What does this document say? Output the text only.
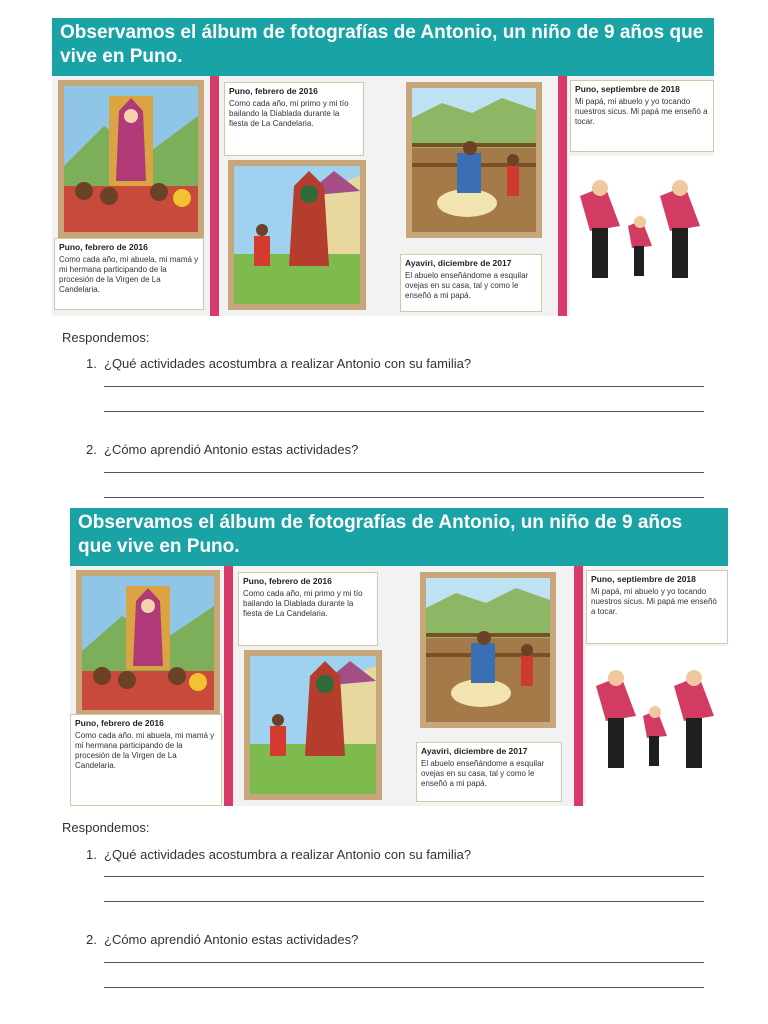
Observamos el álbum de fotografías de Antonio, un niño de 9 años que vive en Puno.
Puno, febrero de 2016
Como cada año, mi abuela, mi mamá y mi hermana participando de la procesión de la Virgen de La Candelaria.
Puno, febrero de 2016
Como cada año, mi primo y mi tío bailando la Diablada durante la fiesta de La Candelaria.
Ayaviri, diciembre de 2017
El abuelo enseñándome a esquilar ovejas en su casa, tal y como le enseñó a mi papá.
Puno, septiembre de 2018
Mi papá, mi abuelo y yo tocando nuestros sicus. Mi papá me enseñó a tocar.
Respondemos:
1. ¿Qué actividades acostumbra a realizar Antonio con su familia?
2. ¿Cómo aprendió Antonio estas actividades?
Observamos el álbum de fotografías de Antonio, un niño de 9 años que vive en Puno.
Puno, febrero de 2016
Como cada año. mi abuela, mi mamá y mi hermana participando de la procesión de la Virgen de La Candelaria.
Puno, febrero de 2016
Como cada año, mi primo y mi tío bailando la Diablada durante la fiesta de La Candelaria.
Ayaviri, diciembre de 2017
El abuelo enseñándome a esquilar ovejas en su casa, tal y como le enseñó a mi papá.
Puno, septiembre de 2018
Mi papá, mi abuelo y yo tocando nuestros sicus. Mi papá me enseñó a tocar.
Respondemos:
1. ¿Qué actividades acostumbra a realizar Antonio con su familia?
2. ¿Cómo aprendió Antonio estas actividades?
